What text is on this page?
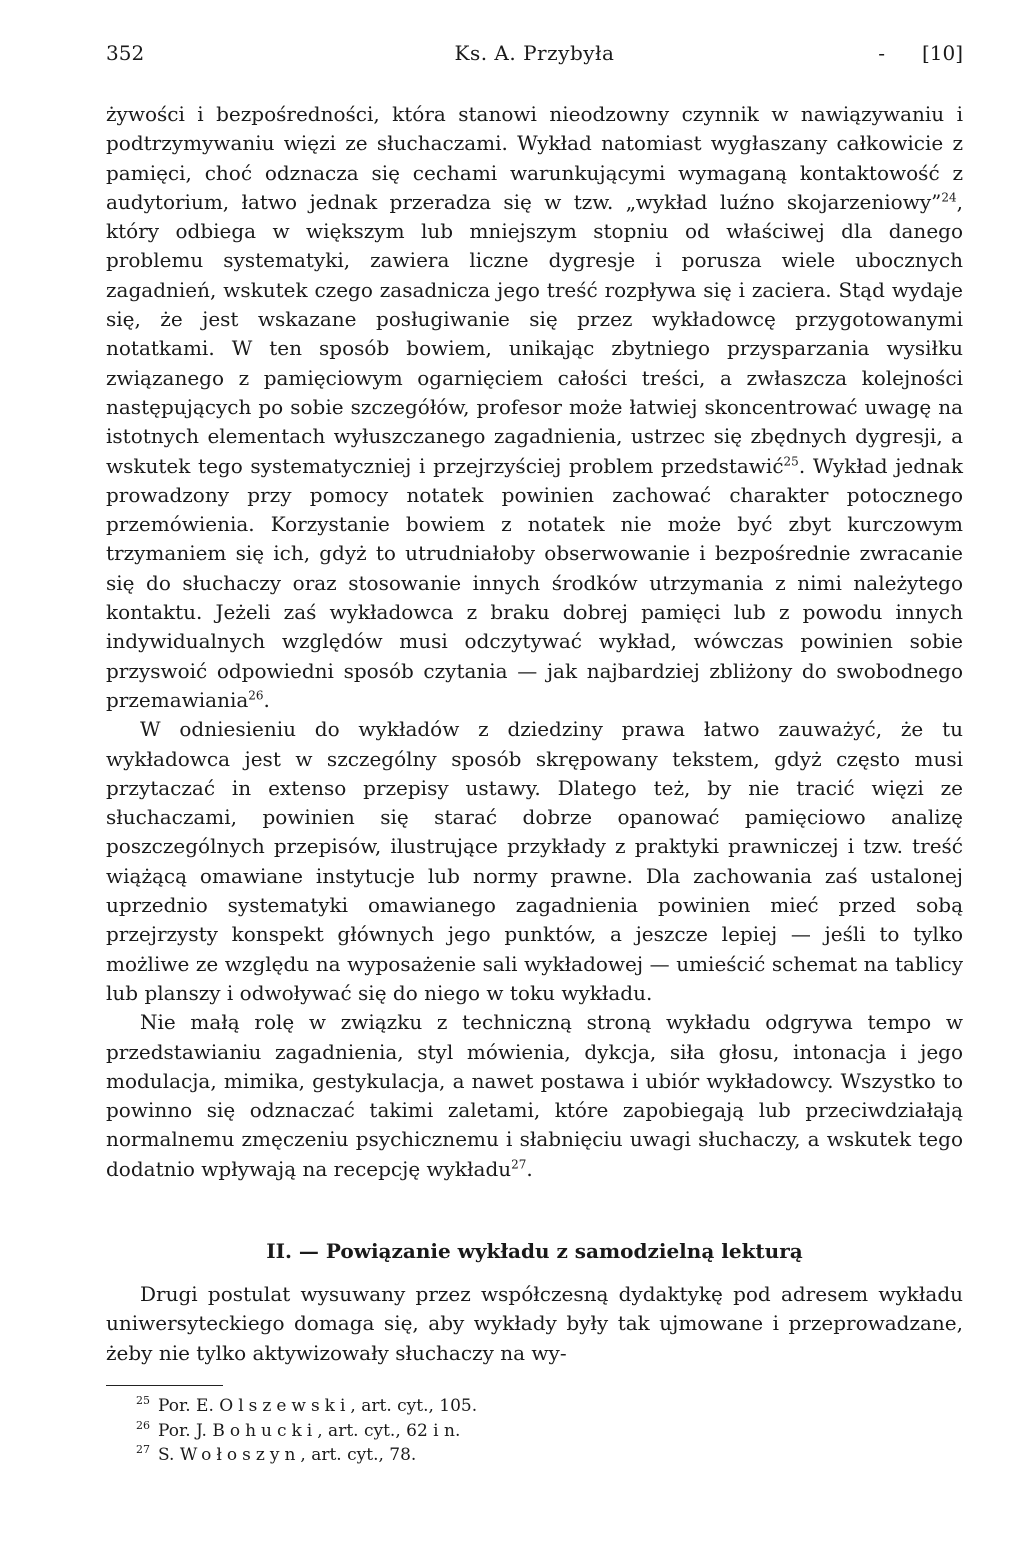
352	Ks. A. Przybyła	- [10]

żywości i bezpośredności, która stanowi nieodzowny czynnik w nawiązywaniu i podtrzymywaniu więzi ze słuchaczami. Wykład natomiast wygłaszany całkowicie z pamięci, choć odznacza się cechami warunkującymi wymaganą kontaktowość z audytorium, łatwo jednak przeradza się w tzw. „wykład luźno skojarzeniowy”$^{24}$, który odbiega w większym lub mniejszym stopniu od właściwej dla danego problemu systematyki, zawiera liczne dygresje i porusza wiele ubocznych zagadnień, wskutek czego zasadnicza jego treść rozpływa się i zaciera. Stąd wydaje się, że jest wskazane posługiwanie się przez wykładowcę przygotowanymi notatkami. W ten sposób bowiem, unikając zbytniego przysparzania wysiłku związanego z pamięciowym ogarnięciem całości treści, a zwłaszcza kolejności następujących po sobie szczegółów, profesor może łatwiej skoncentrować uwagę na istotnych elementach wyłuszczanego zagadnienia, ustrzec się zbędnych dygresji, a wskutek tego systematyczniej i przejrzyściej problem przedstawić$^{25}$. Wykład jednak prowadzony przy pomocy notatek powinien zachować charakter potocznego przemówienia. Korzystanie bowiem z notatek nie może być zbyt kurczowym trzymaniem się ich, gdyż to utrudniałoby obserwowanie i bezpośrednie zwracanie się do słuchaczy oraz stosowanie innych środków utrzymania z nimi należytego kontaktu. Jeżeli zaś wykładowca z braku dobrej pamięci lub z powodu innych indywidualnych względów musi odczytywać wykład, wówczas powinien sobie przyswoić odpowiedni sposób czytania — jak najbardziej zbliżony do swobodnego przemawiania$^{26}$.

W odniesieniu do wykładów z dziedziny prawa łatwo zauważyć, że tu wykładowca jest w szczególny sposób skrępowany tekstem, gdyż często musi przytaczać in extenso przepisy ustawy. Dlatego też, by nie tracić więzi ze słuchaczami, powinien się starać dobrze opanować pamięciowo analizę poszczególnych przepisów, ilustrujące przykłady z praktyki prawniczej i tzw. treść wiążącą omawiane instytucje lub normy prawne. Dla zachowania zaś ustalonej uprzednio systematyki omawianego zagadnienia powinien mieć przed sobą przejrzysty konspekt głównych jego punktów, a jeszcze lepiej — jeśli to tylko możliwe ze względu na wyposażenie sali wykładowej — umieścić schemat na tablicy lub planszy i odwoływać się do niego w toku wykładu.

Nie małą rolę w związku z techniczną stroną wykładu odgrywa tempo w przedstawianiu zagadnienia, styl mówienia, dykcja, siła głosu, intonacja i jego modulacja, mimika, gestykulacja, a nawet postawa i ubiór wykładowcy. Wszystko to powinno się odznaczać takimi zaletami, które zapobiegają lub przeciwdziałają normalnemu zmęczeniu psychicznemu i słabnięciu uwagi słuchaczy, a wskutek tego dodatnio wpływają na recepcję wykładu$^{27}$.

II. — Powiązanie wykładu z samodzielną lekturą

Drugi postulat wysuwany przez współczesną dydaktykę pod adresem wykładu uniwersyteckiego domaga się, aby wykłady były tak ujmowane i przeprowadzane, żeby nie tylko aktywizowały słuchaczy na wy-

$^{25}$ Por. E. Olszewski, art. cyt., 105.
$^{26}$ Por. J. Bohucki, art. cyt., 62 i n.
$^{27}$ S. Wołoszyn, art. cyt., 78.
